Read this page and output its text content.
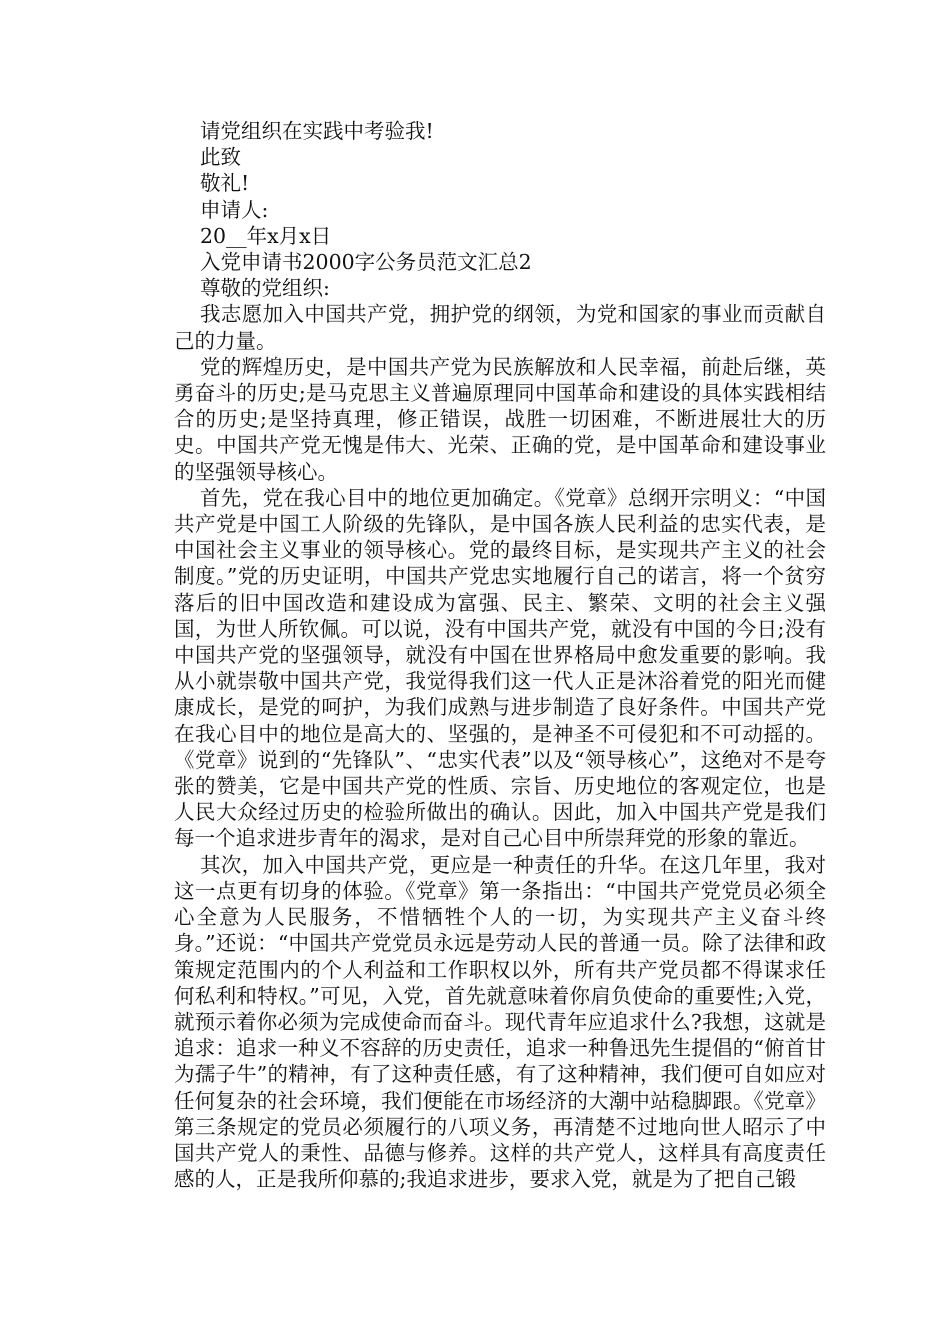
请党组织在实践中考验我!

此致

敬礼!

申请人:

20__年x月x日

入党申请书2000字公务员范文汇总2

尊敬的党组织:

我志愿加入中国共产党，拥护党的纲领，为党和国家的事业而贡献自己的力量。

党的辉煌历史，是中国共产党为民族解放和人民幸福，前赴后继，英勇奋斗的历史;是马克思主义普遍原理同中国革命和建设的具体实践相结合的历史;是坚持真理，修正错误，战胜一切困难，不断进展壮大的历史。中国共产党无愧是伟大、光荣、正确的党，是中国革命和建设事业的坚强领导核心。

首先，党在我心目中的地位更加确定。《党章》总纲开宗明义：“中国共产党是中国工人阶级的先锋队，是中国各族人民利益的忠实代表，是中国社会主义事业的领导核心。党的最终目标，是实现共产主义的社会制度。”党的历史证明，中国共产党忠实地履行自己的诺言，将一个贫穷落后的旧中国改造和建设成为富强、民主、繁荣、文明的社会主义强国，为世人所钦佩。可以说，没有中国共产党，就没有中国的今日;没有中国共产党的坚强领导，就没有中国在世界格局中愈发重要的影响。我从小就崇敬中国共产党，我觉得我们这一代人正是沐浴着党的阳光而健康成长，是党的呵护，为我们成熟与进步制造了良好条件。中国共产党在我心目中的地位是高大的、坚强的，是神圣不可侵犯和不可动摇的。《党章》说到的“先锋队”、“忠实代表”以及“领导核心”，这绝对不是夸张的赞美，它是中国共产党的性质、宗旨、历史地位的客观定位，也是人民大众经过历史的检验所做出的确认。因此，加入中国共产党是我们每一个追求进步青年的渴求，是对自己心目中所崇拜党的形象的靠近。

其次，加入中国共产党，更应是一种责任的升华。在这几年里，我对这一点更有切身的体验。《党章》第一条指出：“中国共产党党员必须全心全意为人民服务，不惜牺牲个人的一切，为实现共产主义奋斗终身。”还说：“中国共产党党员永远是劳动人民的普通一员。除了法律和政策规定范围内的个人利益和工作职权以外，所有共产党员都不得谋求任何私利和特权。”可见，入党，首先就意味着你肩负使命的重要性;入党，就预示着你必须为完成使命而奋斗。现代青年应追求什么?我想，这就是追求：追求一种义不容辞的历史责任，追求一种鲁迅先生提倡的“俯首甘为孺子牛”的精神，有了这种责任感，有了这种精神，我们便可自如应对任何复杂的社会环境，我们便能在市场经济的大潮中站稳脚跟。《党章》第三条规定的党员必须履行的八项义务，再清楚不过地向世人昭示了中国共产党人的秉性、品德与修养。这样的共产党人，这样具有高度责任感的人，正是我所仰慕的;我追求进步，要求入党，就是为了把自己锻
